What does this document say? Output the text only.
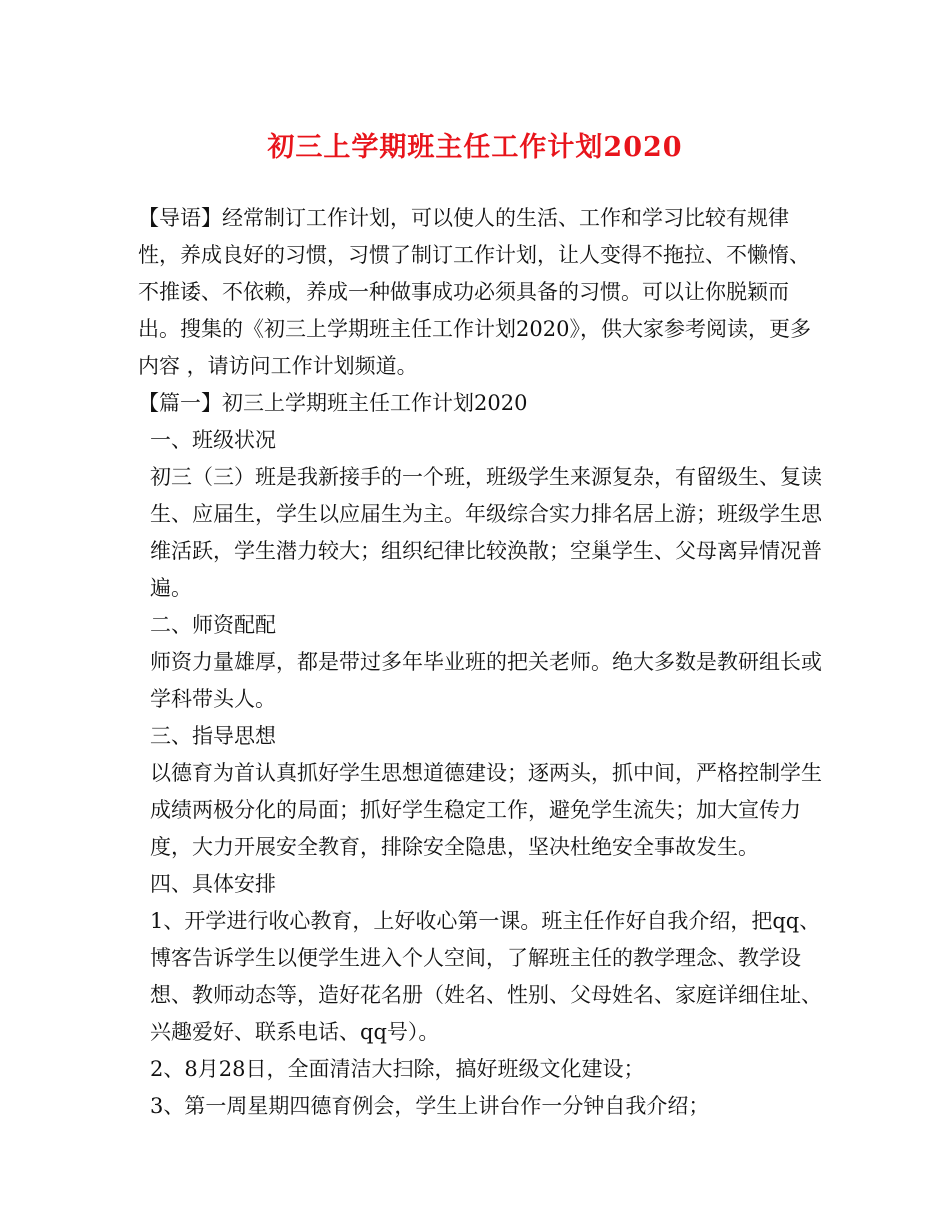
初三上学期班主任工作计划2020

【导语】经常制订工作计划，可以使人的生活、工作和学习比较有规律性，养成良好的习惯，习惯了制订工作计划，让人变得不拖拉、不懒惰、不推诿、不依赖，养成一种做事成功必须具备的习惯。可以让你脱颖而出。搜集的《初三上学期班主任工作计划2020》，供大家参考阅读，更多内容 ，请访问工作计划频道。

【篇一】初三上学期班主任工作计划2020

一、班级状况

初三（三）班是我新接手的一个班，班级学生来源复杂，有留级生、复读生、应届生，学生以应届生为主。年级综合实力排名居上游；班级学生思维活跃，学生潜力较大；组织纪律比较涣散；空巢学生、父母离异情况普遍。

二、师资配配

师资力量雄厚，都是带过多年毕业班的把关老师。绝大多数是教研组长或学科带头人。

三、指导思想

以德育为首认真抓好学生思想道德建设；逐两头，抓中间，严格控制学生成绩两极分化的局面；抓好学生稳定工作，避免学生流失；加大宣传力度，大力开展安全教育，排除安全隐患，坚决杜绝安全事故发生。

四、具体安排

1、开学进行收心教育，上好收心第一课。班主任作好自我介绍，把qq、博客告诉学生以便学生进入个人空间，了解班主任的教学理念、教学设想、教师动态等，造好花名册（姓名、性别、父母姓名、家庭详细住址、兴趣爱好、联系电话、qq号）。

2、8月28日，全面清洁大扫除，搞好班级文化建设；

3、第一周星期四德育例会，学生上讲台作一分钟自我介绍；
